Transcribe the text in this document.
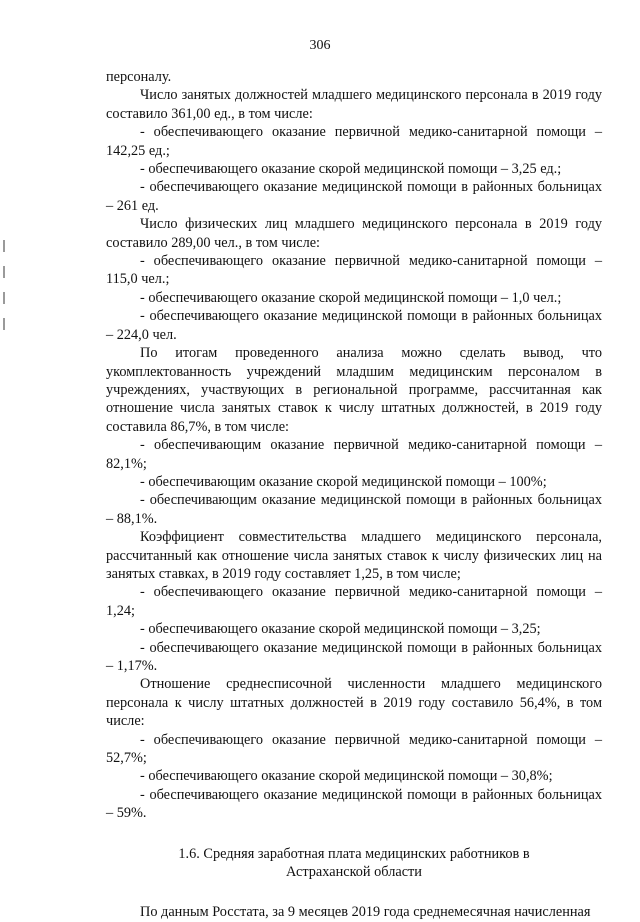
306

персоналу.

Число занятых должностей младшего медицинского персонала в 2019 году составило 361,00 ед., в том числе:

- обеспечивающего оказание первичной медико-санитарной помощи – 142,25 ед.;

- обеспечивающего оказание скорой медицинской помощи – 3,25 ед.;

- обеспечивающего оказание медицинской помощи в районных больницах – 261 ед.

Число физических лиц младшего медицинского персонала в 2019 году составило 289,00 чел., в том числе:

- обеспечивающего оказание первичной медико-санитарной помощи – 115,0 чел.;

- обеспечивающего оказание скорой медицинской помощи – 1,0 чел.;

- обеспечивающего оказание медицинской помощи в районных больницах – 224,0 чел.

По итогам проведенного анализа можно сделать вывод, что укомплектованность учреждений младшим медицинским персоналом в учреждениях, участвующих в региональной программе, рассчитанная как отношение числа занятых ставок к числу штатных должностей, в 2019 году составила 86,7%, в том числе:

- обеспечивающим оказание первичной медико-санитарной помощи – 82,1%;

- обеспечивающим оказание скорой медицинской помощи – 100%;

- обеспечивающим оказание медицинской помощи в районных больницах – 88,1%.

Коэффициент совместительства младшего медицинского персонала, рассчитанный как отношение числа занятых ставок к числу физических лиц на занятых ставках, в 2019 году составляет 1,25, в том числе;

- обеспечивающего оказание первичной медико-санитарной помощи – 1,24;

- обеспечивающего оказание скорой медицинской помощи – 3,25;

- обеспечивающего оказание медицинской помощи в районных больницах – 1,17%.

Отношение среднесписочной численности младшего медицинского персонала к числу штатных должностей в 2019 году составило 56,4%, в том числе:

- обеспечивающего оказание первичной медико-санитарной помощи – 52,7%;

- обеспечивающего оказание скорой медицинской помощи – 30,8%;

- обеспечивающего оказание медицинской помощи в районных больницах – 59%.

1.6. Средняя заработная плата медицинских работников в

Астраханской области

По данным Росстата, за 9 месяцев 2019 года среднемесячная начисленная
